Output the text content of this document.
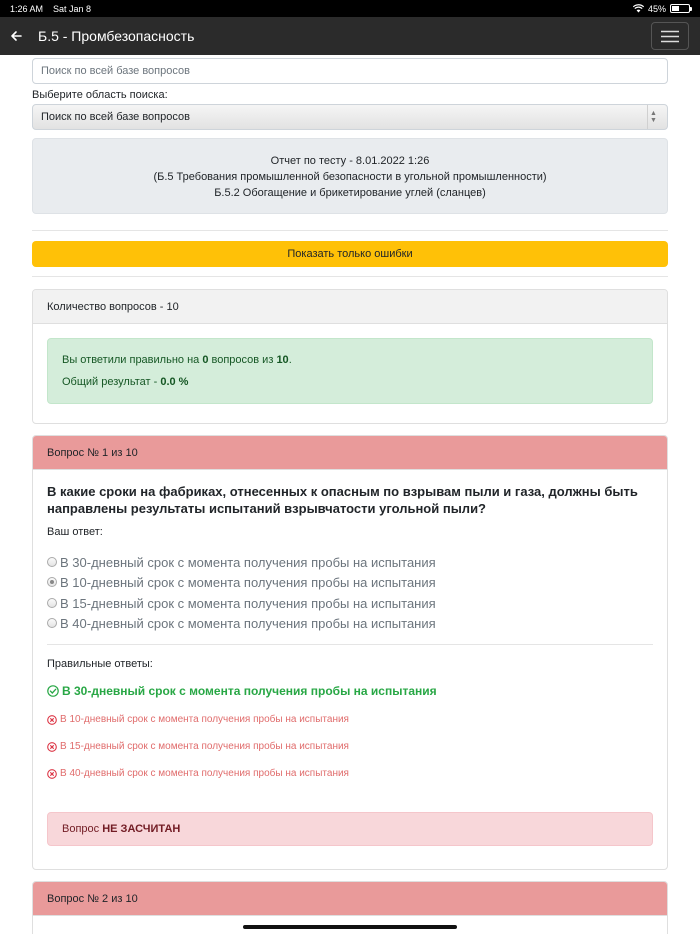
1:26 AM Sat Jan 8	45%
Б.5 - Промбезопасность
Поиск по всей базе вопросов
Выберите область поиска:
Поиск по всей базе вопросов	▲
▼
Отчет по тесту - 8.01.2022 1:26
(Б.5 Требования промышленной безопасности в угольной промышленности)
Б.5.2 Обогащение и брикетирование углей (сланцев)
Показать только ошибки
Количество вопросов - 10
Вы ответили правильно на 0 вопросов из 10.
Общий результат - 0.0 %
Вопрос № 1 из 10
В какие сроки на фабриках, отнесенных к опасным по взрывам пыли и газа, должны быть направлены результаты испытаний взрывчатости угольной пыли?
Ваш ответ:
В 30-дневный срок с момента получения пробы на испытания
В 10-дневный срок с момента получения пробы на испытания
В 15-дневный срок с момента получения пробы на испытания
В 40-дневный срок с момента получения пробы на испытания
Правильные ответы:
В 30-дневный срок с момента получения пробы на испытания
В 10-дневный срок с момента получения пробы на испытания
В 15-дневный срок с момента получения пробы на испытания
В 40-дневный срок с момента получения пробы на испытания
Вопрос
НЕ ЗАСЧИТАН
Вопрос № 2 из 10
